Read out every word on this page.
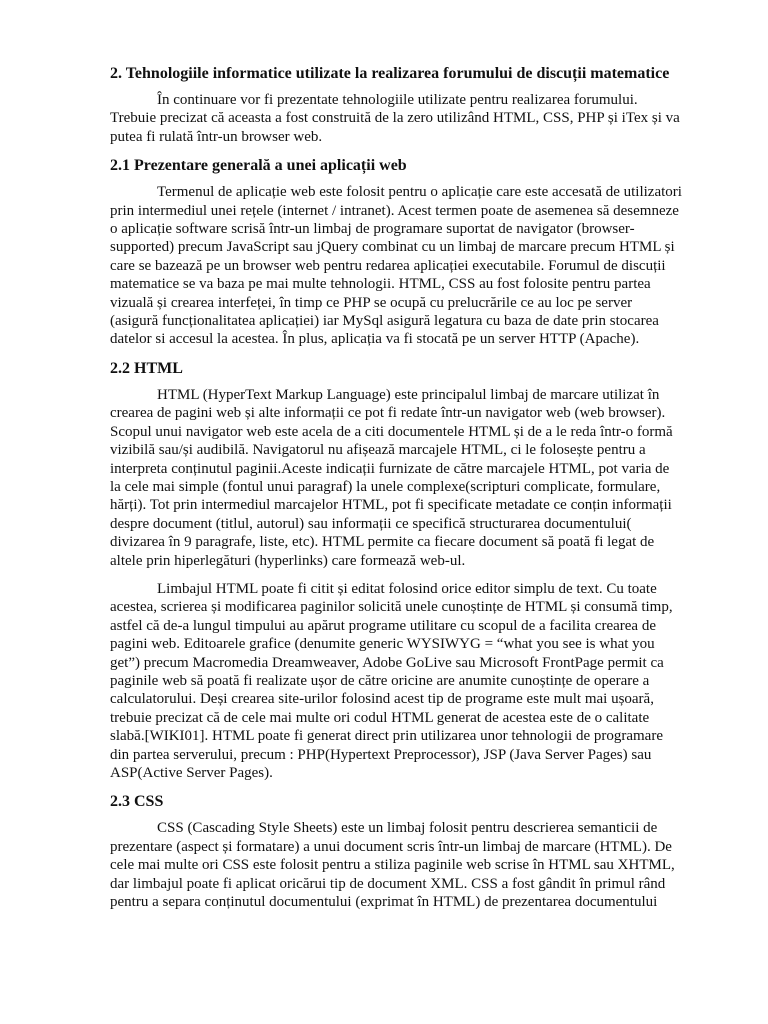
2. Tehnologiile informatice utilizate la realizarea forumului de discuții matematice

În continuare vor fi prezentate tehnologiile utilizate pentru realizarea forumului. Trebuie precizat că aceasta a fost construită de la zero utilizând HTML, CSS, PHP și iTex și va putea fi rulată într-un browser web.

2.1 Prezentare generală a unei aplicații web

Termenul de aplicație web este folosit pentru o aplicație care este accesată de utilizatori prin intermediul unei rețele (internet / intranet). Acest termen poate de asemenea să desemneze o aplicație software scrisă într-un limbaj de programare suportat de navigator (browser-supported) precum JavaScript sau jQuery combinat cu un limbaj de marcare precum HTML și care se bazează pe un browser web pentru redarea aplicației executabile. Forumul de discuții matematice se va baza pe mai multe tehnologii. HTML, CSS au fost folosite pentru partea vizuală și crearea interfeței, în timp ce PHP se ocupă cu prelucrările ce au loc pe server (asigură funcționalitatea aplicației) iar MySql asigură legatura cu baza de date prin stocarea datelor si accesul la acestea. În plus, aplicația va fi stocată pe un server HTTP (Apache).

2.2 HTML

HTML (HyperText Markup Language) este principalul limbaj de marcare utilizat în crearea de pagini web și alte informații ce pot fi redate într-un navigator web (web browser). Scopul unui navigator web este acela de a citi documentele HTML și de a le reda într-o formă vizibilă sau/și audibilă. Navigatorul nu afișează marcajele HTML, ci le folosește pentru a interpreta conținutul paginii.Aceste indicații furnizate de către marcajele HTML, pot varia de la cele mai simple (fontul unui paragraf) la unele complexe(scripturi complicate, formulare, hărți). Tot prin intermediul marcajelor HTML, pot fi specificate metadate ce conțin informații despre document (titlul, autorul) sau informații ce specifică structurarea documentului( divizarea în 9 paragrafe, liste, etc). HTML permite ca fiecare document să poată fi legat de altele prin hiperlegături (hyperlinks) care formează web-ul.

Limbajul HTML poate fi citit și editat folosind orice editor simplu de text. Cu toate acestea, scrierea și modificarea paginilor solicită unele cunoștințe de HTML și consumă timp, astfel că de-a lungul timpului au apărut programe utilitare cu scopul de a facilita crearea de pagini web. Editoarele grafice (denumite generic WYSIWYG = “what you see is what you get”) precum Macromedia Dreamweaver, Adobe GoLive sau Microsoft FrontPage permit ca paginile web să poată fi realizate ușor de către oricine are anumite cunoștințe de operare a calculatorului. Deși crearea site-urilor folosind acest tip de programe este mult mai ușoară, trebuie precizat că de cele mai multe ori codul HTML generat de acestea este de o calitate slabă.[WIKI01]. HTML poate fi generat direct prin utilizarea unor tehnologii de programare din partea serverului, precum : PHP(Hypertext Preprocessor), JSP (Java Server Pages) sau ASP(Active Server Pages).

2.3 CSS

CSS (Cascading Style Sheets) este un limbaj folosit pentru descrierea semanticii de prezentare (aspect și formatare) a unui document scris într-un limbaj de marcare (HTML). De cele mai multe ori CSS este folosit pentru a stiliza paginile web scrise în HTML sau XHTML, dar limbajul poate fi aplicat oricărui tip de document XML. CSS a fost gândit în primul rând pentru a separa conținutul documentului (exprimat în HTML) de prezentarea documentului
